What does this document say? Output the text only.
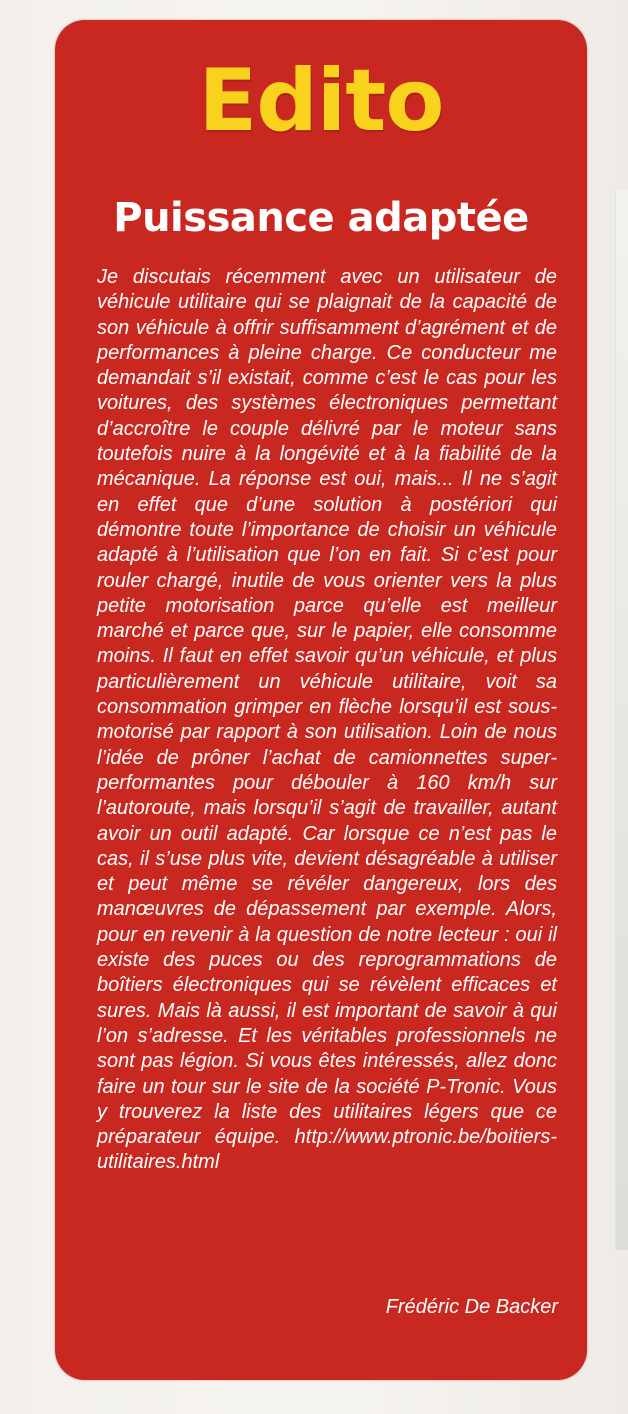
Edito
Puissance adaptée

Je discutais récemment avec un utilisateur de véhicule utilitaire qui se plaignait de la capacité de son véhicule à offrir suffisamment d’agrément et de performances à pleine charge. Ce conducteur me demandait s’il existait, comme c’est le cas pour les voitures, des systèmes électroniques permettant d’accroître le couple délivré par le moteur sans toutefois nuire à la longévité et à la fiabilité de la mécanique. La réponse est oui, mais... Il ne s’agit en effet que d’une solution à postériori qui démontre toute l’importance de choisir un véhicule adapté à l’utilisation que l’on en fait. Si c’est pour rouler chargé, inutile de vous orienter vers la plus petite motorisation parce qu’elle est meilleur marché et parce que, sur le papier, elle consomme moins. Il faut en effet savoir qu’un véhicule, et plus particulièrement un véhicule utilitaire, voit sa consommation grimper en flèche lorsqu’il est sous-motorisé par rapport à son utilisation. Loin de nous l’idée de prôner l’achat de camionnettes super-performantes pour débouler à 160 km/h sur l’autoroute, mais lorsqu’il s’agit de travailler, autant avoir un outil adapté. Car lorsque ce n’est pas le cas, il s’use plus vite, devient désagréable à utiliser et peut même se révéler dangereux, lors des manœuvres de dépassement par exemple. Alors, pour en revenir à la question de notre lecteur : oui il existe des puces ou des reprogrammations de boîtiers électroniques qui se révèlent efficaces et sures. Mais là aussi, il est important de savoir à qui l’on s’adresse. Et les véritables professionnels ne sont pas légion. Si vous êtes intéressés, allez donc faire un tour sur le site de la société P-Tronic. Vous y trouverez la liste des utilitaires légers que ce préparateur équipe. http://www.ptronic.be/boitiers-utilitaires.html

Frédéric De Backer
